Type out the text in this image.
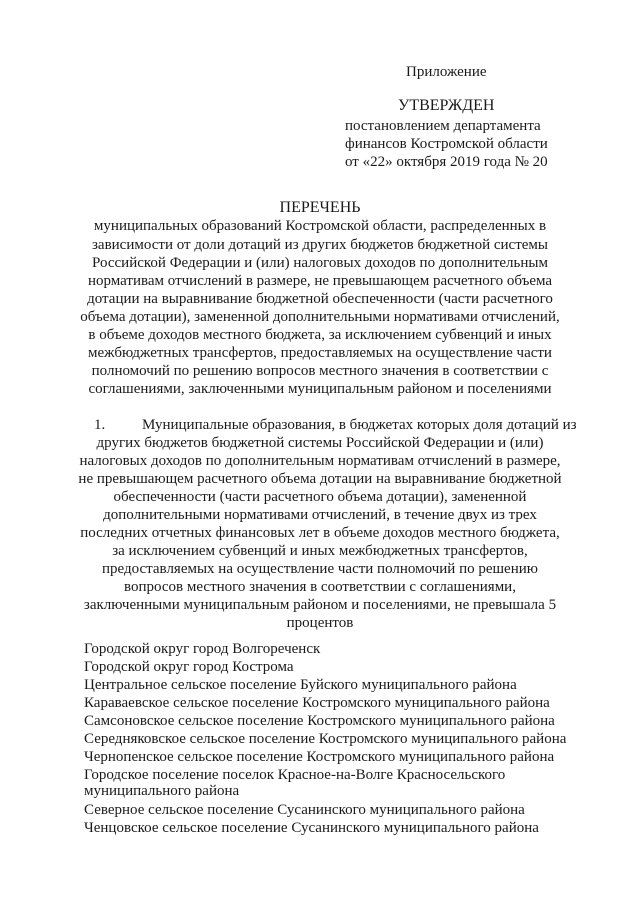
Приложение
УТВЕРЖДЕН
постановлением департамента
финансов Костромской области
от «22» октября 2019 года № 20
ПЕРЕЧЕНЬ
муниципальных образований Костромской области, распределенных в
зависимости от доли дотаций из других бюджетов бюджетной системы
Российской Федерации и (или) налоговых доходов по дополнительным
нормативам отчислений в размере, не превышающем расчетного объема
дотации на выравнивание бюджетной обеспеченности (части расчетного
объема дотации), замененной дополнительными нормативами отчислений,
в объеме доходов местного бюджета, за исключением субвенций и иных
межбюджетных трансфертов, предоставляемых на осуществление части
полномочий по решению вопросов местного значения в соответствии с
соглашениями, заключенными муниципальным районом и поселениями
1. Муниципальные образования, в бюджетах которых доля дотаций из
других бюджетов бюджетной системы Российской Федерации и (или)
налоговых доходов по дополнительным нормативам отчислений в размере,
не превышающем расчетного объема дотации на выравнивание бюджетной
обеспеченности (части расчетного объема дотации), замененной
дополнительными нормативами отчислений, в течение двух из трех
последних отчетных финансовых лет в объеме доходов местного бюджета,
за исключением субвенций и иных межбюджетных трансфертов,
предоставляемых на осуществление части полномочий по решению
вопросов местного значения в соответствии с соглашениями,
заключенными муниципальным районом и поселениями, не превышала 5
процентов
Городской округ город Волгореченск
Городской округ город Кострома
Центральное сельское поселение Буйского муниципального района
Караваевское сельское поселение Костромского муниципального района
Самсоновское сельское поселение Костромского муниципального района
Середняковское сельское поселение Костромского муниципального района
Чернопенское сельское поселение Костромского муниципального района
Городское поселение поселок Красное-на-Волге Красносельского
муниципального района
Северное сельское поселение Сусанинского муниципального района
Ченцовское сельское поселение Сусанинского муниципального района
